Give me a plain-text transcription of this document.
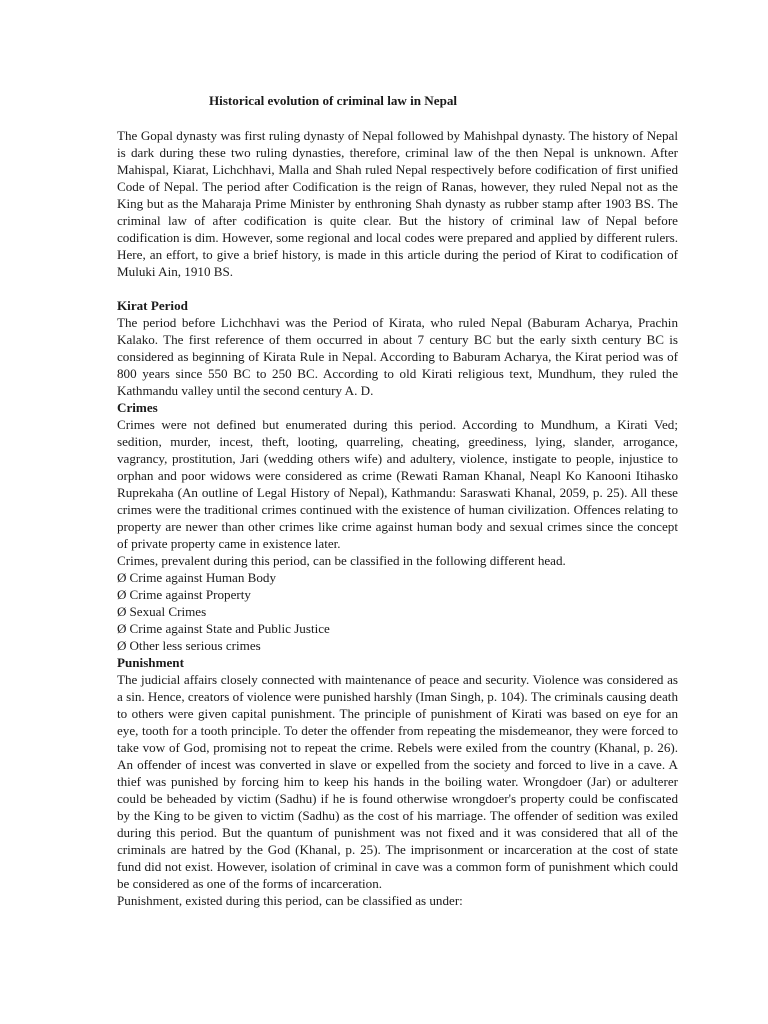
Historical evolution of criminal law in Nepal

The Gopal dynasty was first ruling dynasty of Nepal followed by Mahishpal dynasty. The history of Nepal is dark during these two ruling dynasties, therefore, criminal law of the then Nepal is unknown. After Mahispal, Kiarat, Lichchhavi, Malla and Shah ruled Nepal respectively before codification of first unified Code of Nepal. The period after Codification is the reign of Ranas, however, they ruled Nepal not as the King but as the Maharaja Prime Minister by enthroning Shah dynasty as rubber stamp after 1903 BS. The criminal law of after codification is quite clear. But the history of criminal law of Nepal before codification is dim. However, some regional and local codes were prepared and applied by different rulers. Here, an effort, to give a brief history, is made in this article during the period of Kirat to codification of Muluki Ain, 1910 BS.

Kirat Period

The period before Lichchhavi was the Period of Kirata, who ruled Nepal (Baburam Acharya, Prachin Kalako. The first reference of them occurred in about 7 century BC but the early sixth century BC is considered as beginning of Kirata Rule in Nepal. According to Baburam Acharya, the Kirat period was of 800 years since 550 BC to 250 BC. According to old Kirati religious text, Mundhum, they ruled the Kathmandu valley until the second century A. D.

Crimes

Crimes were not defined but enumerated during this period. According to Mundhum, a Kirati Ved; sedition, murder, incest, theft, looting, quarreling, cheating, greediness, lying, slander, arrogance, vagrancy, prostitution, Jari (wedding others wife) and adultery, violence, instigate to people, injustice to orphan and poor widows were considered as crime (Rewati Raman Khanal, Neapl Ko Kanooni Itihasko Ruprekaha (An outline of Legal History of Nepal), Kathmandu: Saraswati Khanal, 2059, p. 25). All these crimes were the traditional crimes continued with the existence of human civilization. Offences relating to property are newer than other crimes like crime against human body and sexual crimes since the concept of private property came in existence later.

Crimes, prevalent during this period, can be classified in the following different head.

Ø Crime against Human Body

Ø Crime against Property

Ø Sexual Crimes

Ø Crime against State and Public Justice

Ø Other less serious crimes

Punishment

The judicial affairs closely connected with maintenance of peace and security. Violence was considered as a sin. Hence, creators of violence were punished harshly (Iman Singh, p. 104). The criminals causing death to others were given capital punishment. The principle of punishment of Kirati was based on eye for an eye, tooth for a tooth principle. To deter the offender from repeating the misdemeanor, they were forced to take vow of God, promising not to repeat the crime. Rebels were exiled from the country (Khanal, p. 26). An offender of incest was converted in slave or expelled from the society and forced to live in a cave. A thief was punished by forcing him to keep his hands in the boiling water. Wrongdoer (Jar) or adulterer could be beheaded by victim (Sadhu) if he is found otherwise wrongdoer's property could be confiscated by the King to be given to victim (Sadhu) as the cost of his marriage. The offender of sedition was exiled during this period. But the quantum of punishment was not fixed and it was considered that all of the criminals are hatred by the God (Khanal, p. 25). The imprisonment or incarceration at the cost of state fund did not exist. However, isolation of criminal in cave was a common form of punishment which could be considered as one of the forms of incarceration.

Punishment, existed during this period, can be classified as under:
